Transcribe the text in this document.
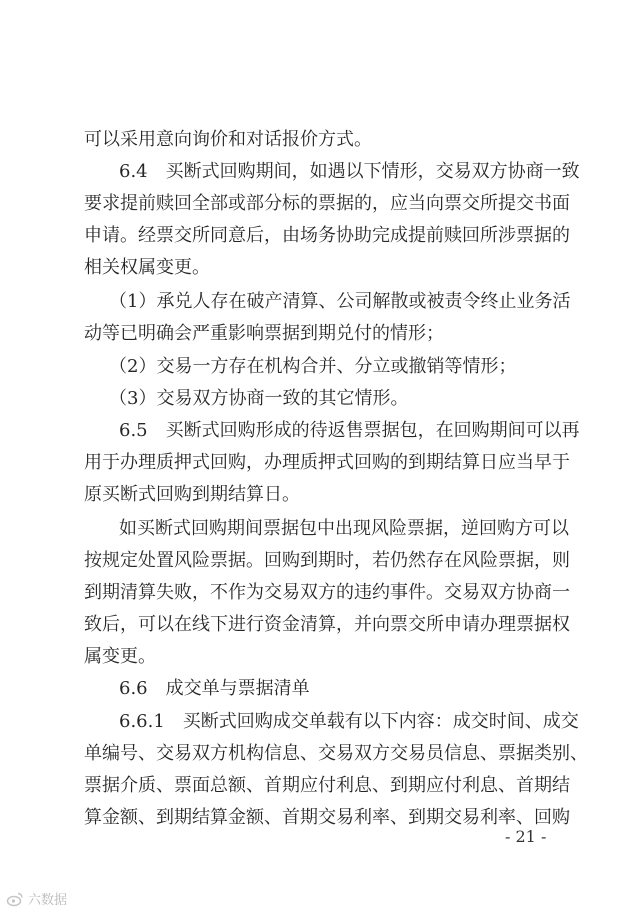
可以采用意向询价和对话报价方式。
6.4　买断式回购期间，如遇以下情形，交易双方协商一致
要求提前赎回全部或部分标的票据的，应当向票交所提交书面
申请。经票交所同意后，由场务协助完成提前赎回所涉票据的
相关权属变更。
（1）承兑人存在破产清算、公司解散或被责令终止业务活
动等已明确会严重影响票据到期兑付的情形；
（2）交易一方存在机构合并、分立或撤销等情形；
（3）交易双方协商一致的其它情形。
6.5　买断式回购形成的待返售票据包，在回购期间可以再
用于办理质押式回购，办理质押式回购的到期结算日应当早于
原买断式回购到期结算日。
如买断式回购期间票据包中出现风险票据，逆回购方可以
按规定处置风险票据。回购到期时，若仍然存在风险票据，则
到期清算失败，不作为交易双方的违约事件。交易双方协商一
致后，可以在线下进行资金清算，并向票交所申请办理票据权
属变更。
6.6　成交单与票据清单
6.6.1　买断式回购成交单载有以下内容：成交时间、成交
单编号、交易双方机构信息、交易双方交易员信息、票据类别、
票据介质、票面总额、首期应付利息、到期应付利息、首期结
算金额、到期结算金额、首期交易利率、到期交易利率、回购
- 21 -
六数据
